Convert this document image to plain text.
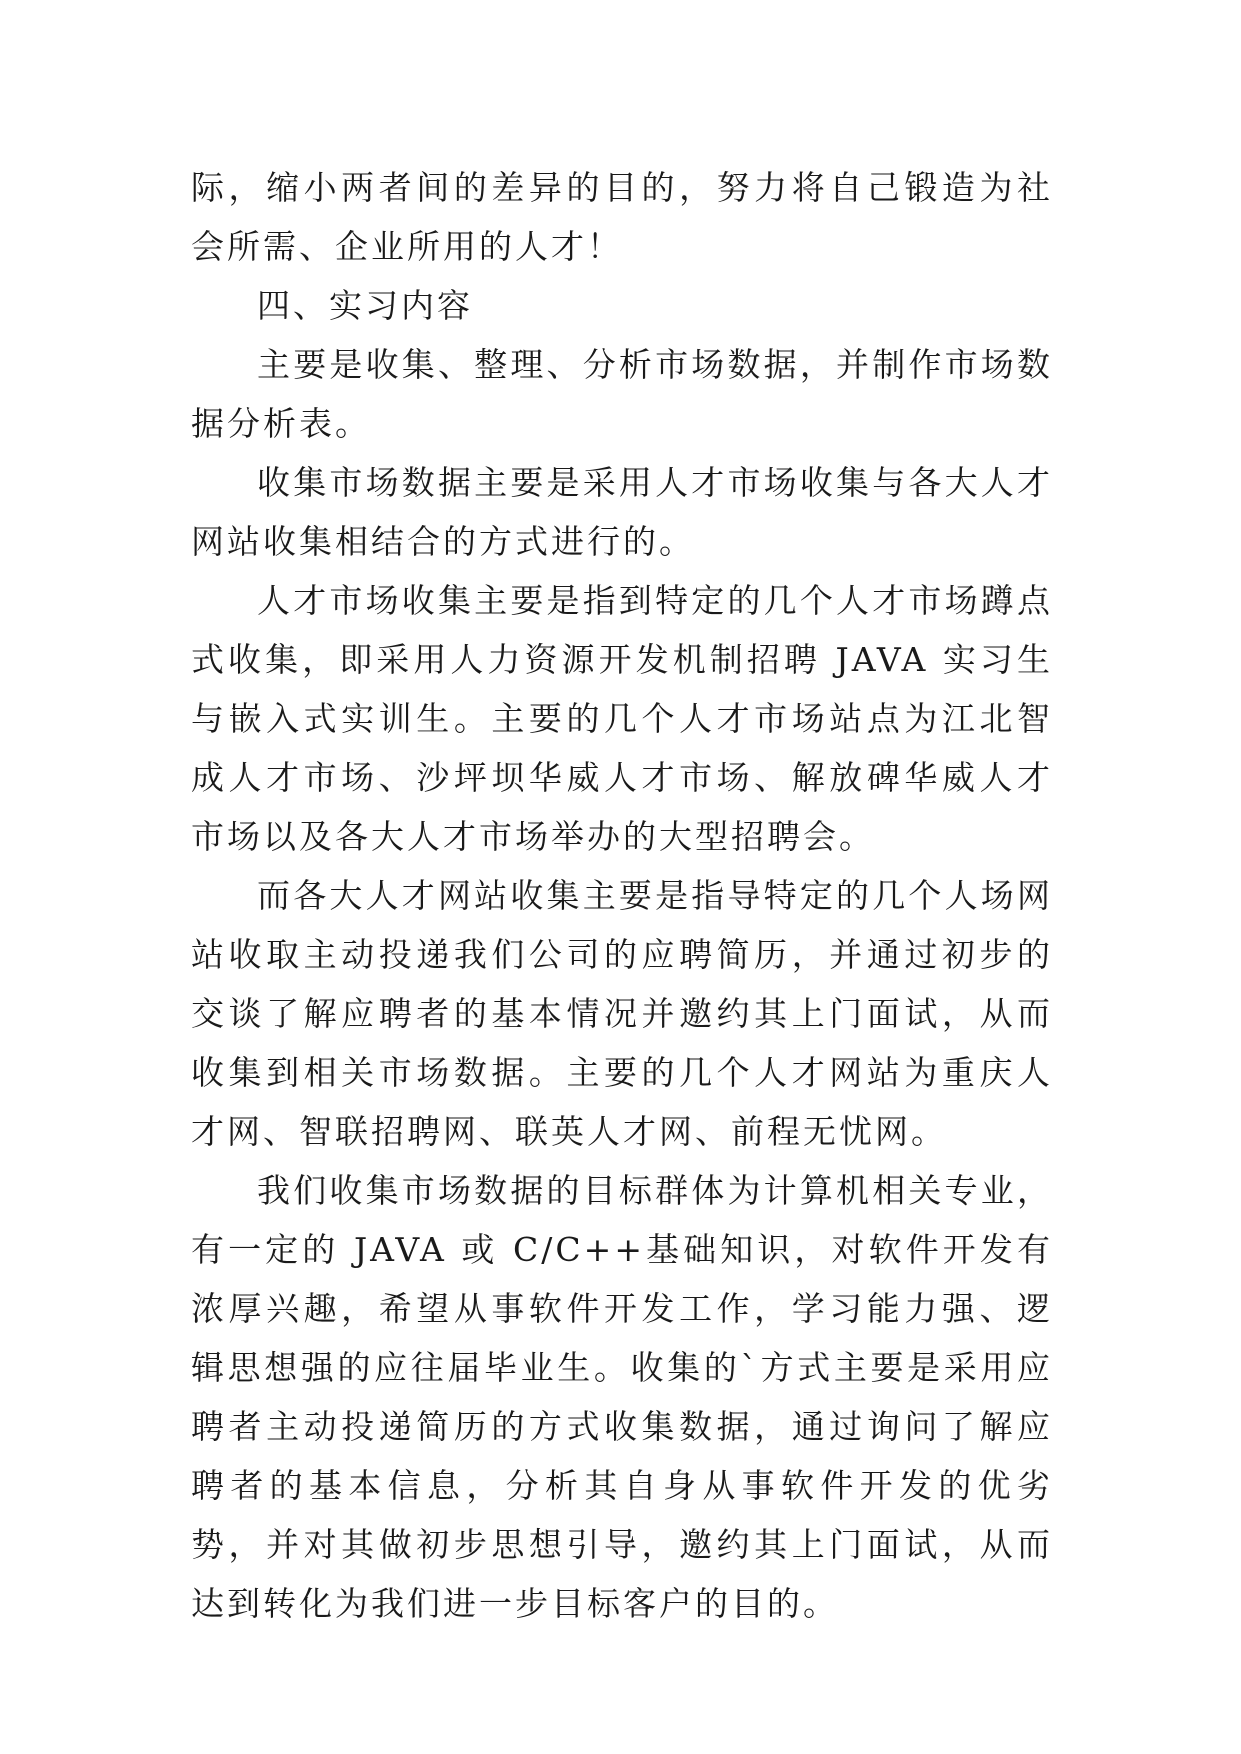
际，缩小两者间的差异的目的，努力将自己锻造为社会所需、企业所用的人才！

四、实习内容

主要是收集、整理、分析市场数据，并制作市场数据分析表。

收集市场数据主要是采用人才市场收集与各大人才网站收集相结合的方式进行的。

人才市场收集主要是指到特定的几个人才市场蹲点式收集，即采用人力资源开发机制招聘 JAVA 实习生与嵌入式实训生。主要的几个人才市场站点为江北智成人才市场、沙坪坝华威人才市场、解放碑华威人才市场以及各大人才市场举办的大型招聘会。

而各大人才网站收集主要是指导特定的几个人场网站收取主动投递我们公司的应聘简历，并通过初步的交谈了解应聘者的基本情况并邀约其上门面试，从而收集到相关市场数据。主要的几个人才网站为重庆人才网、智联招聘网、联英人才网、前程无忧网。

我们收集市场数据的目标群体为计算机相关专业，有一定的 JAVA 或 C/C++基础知识，对软件开发有浓厚兴趣，希望从事软件开发工作，学习能力强、逻辑思想强的应往届毕业生。收集的`方式主要是采用应聘者主动投递简历的方式收集数据，通过询问了解应聘者的基本信息，分析其自身从事软件开发的优劣势，并对其做初步思想引导，邀约其上门面试，从而达到转化为我们进一步目标客户的目的。
